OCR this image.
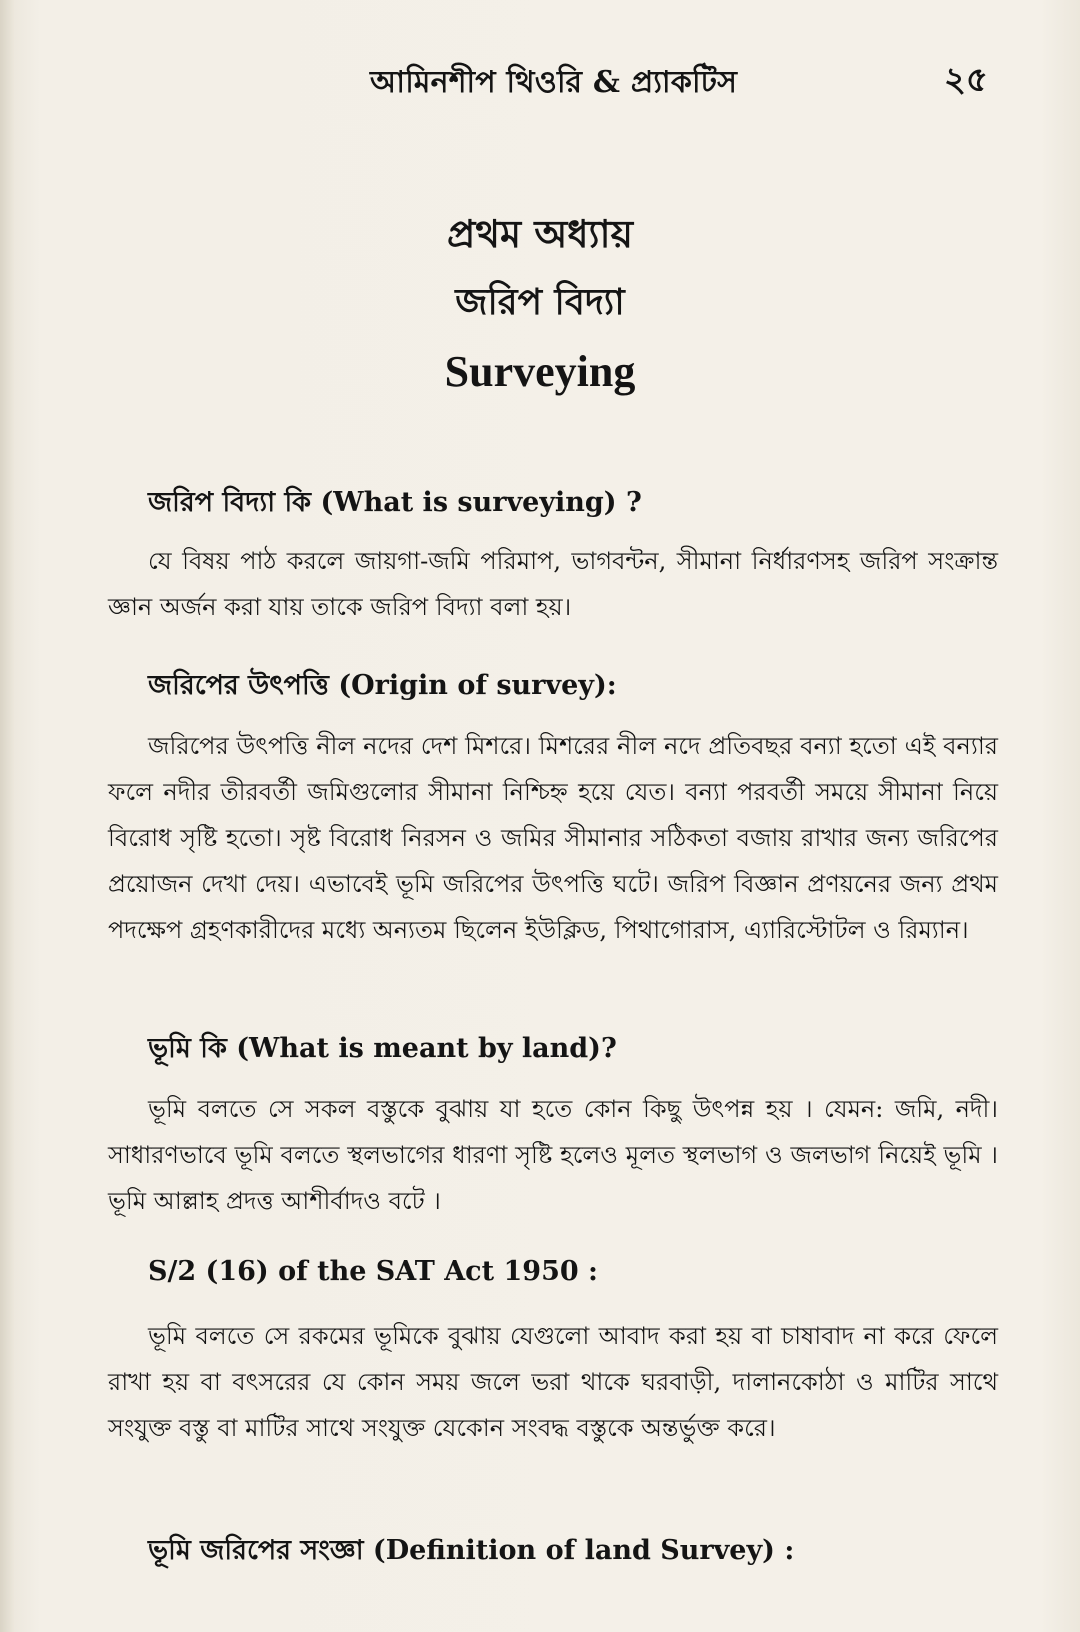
আমিনশীপ থিওরি & প্র্যাকটিস	২৫
প্রথম অধ্যায়
জরিপ বিদ্যা
Surveying

জরিপ বিদ্যা কি (What is surveying) ?

যে বিষয় পাঠ করলে জায়গা-জমি পরিমাপ, ভাগবন্টন, সীমানা নির্ধারণসহ জরিপ সংক্রান্ত জ্ঞান অর্জন করা যায় তাকে জরিপ বিদ্যা বলা হয়।

জরিপের উৎপত্তি (Origin of survey):

জরিপের উৎপত্তি নীল নদের দেশ মিশরে। মিশরের নীল নদে প্রতিবছর বন্যা হতো এই বন্যার ফলে নদীর তীরবর্তী জমিগুলোর সীমানা নিশ্চিহ্ন হয়ে যেত। বন্যা পরবর্তী সময়ে সীমানা নিয়ে বিরোধ সৃষ্টি হতো। সৃষ্ট বিরোধ নিরসন ও জমির সীমানার সঠিকতা বজায় রাখার জন্য জরিপের প্রয়োজন দেখা দেয়। এভাবেই ভূমি জরিপের উৎপত্তি ঘটে। জরিপ বিজ্ঞান প্রণয়নের জন্য প্রথম পদক্ষেপ গ্রহণকারীদের মধ্যে অন্যতম ছিলেন ইউক্লিড, পিথাগোরাস, এ্যারিস্টোটল ও রিম্যান।

ভূমি কি (What is meant by land)?

ভূমি বলতে সে সকল বস্তুকে বুঝায় যা হতে কোন কিছু উৎপন্ন হয় । যেমন: জমি, নদী। সাধারণভাবে ভূমি বলতে স্থলভাগের ধারণা সৃষ্টি হলেও মূলত স্থলভাগ ও জলভাগ নিয়েই ভূমি । ভূমি আল্লাহ প্রদত্ত আশীর্বাদও বটে ।

S/2 (16) of the SAT Act 1950 :

ভূমি বলতে সে রকমের ভূমিকে বুঝায় যেগুলো আবাদ করা হয় বা চাষাবাদ না করে ফেলে রাখা হয় বা বৎসরের যে কোন সময় জলে ভরা থাকে ঘরবাড়ী, দালানকোঠা ও মাটির সাথে সংযুক্ত বস্তু বা মাটির সাথে সংযুক্ত যেকোন সংবদ্ধ বস্তুকে অন্তর্ভুক্ত করে।

ভূমি জরিপের সংজ্ঞা (Definition of land Survey) :
